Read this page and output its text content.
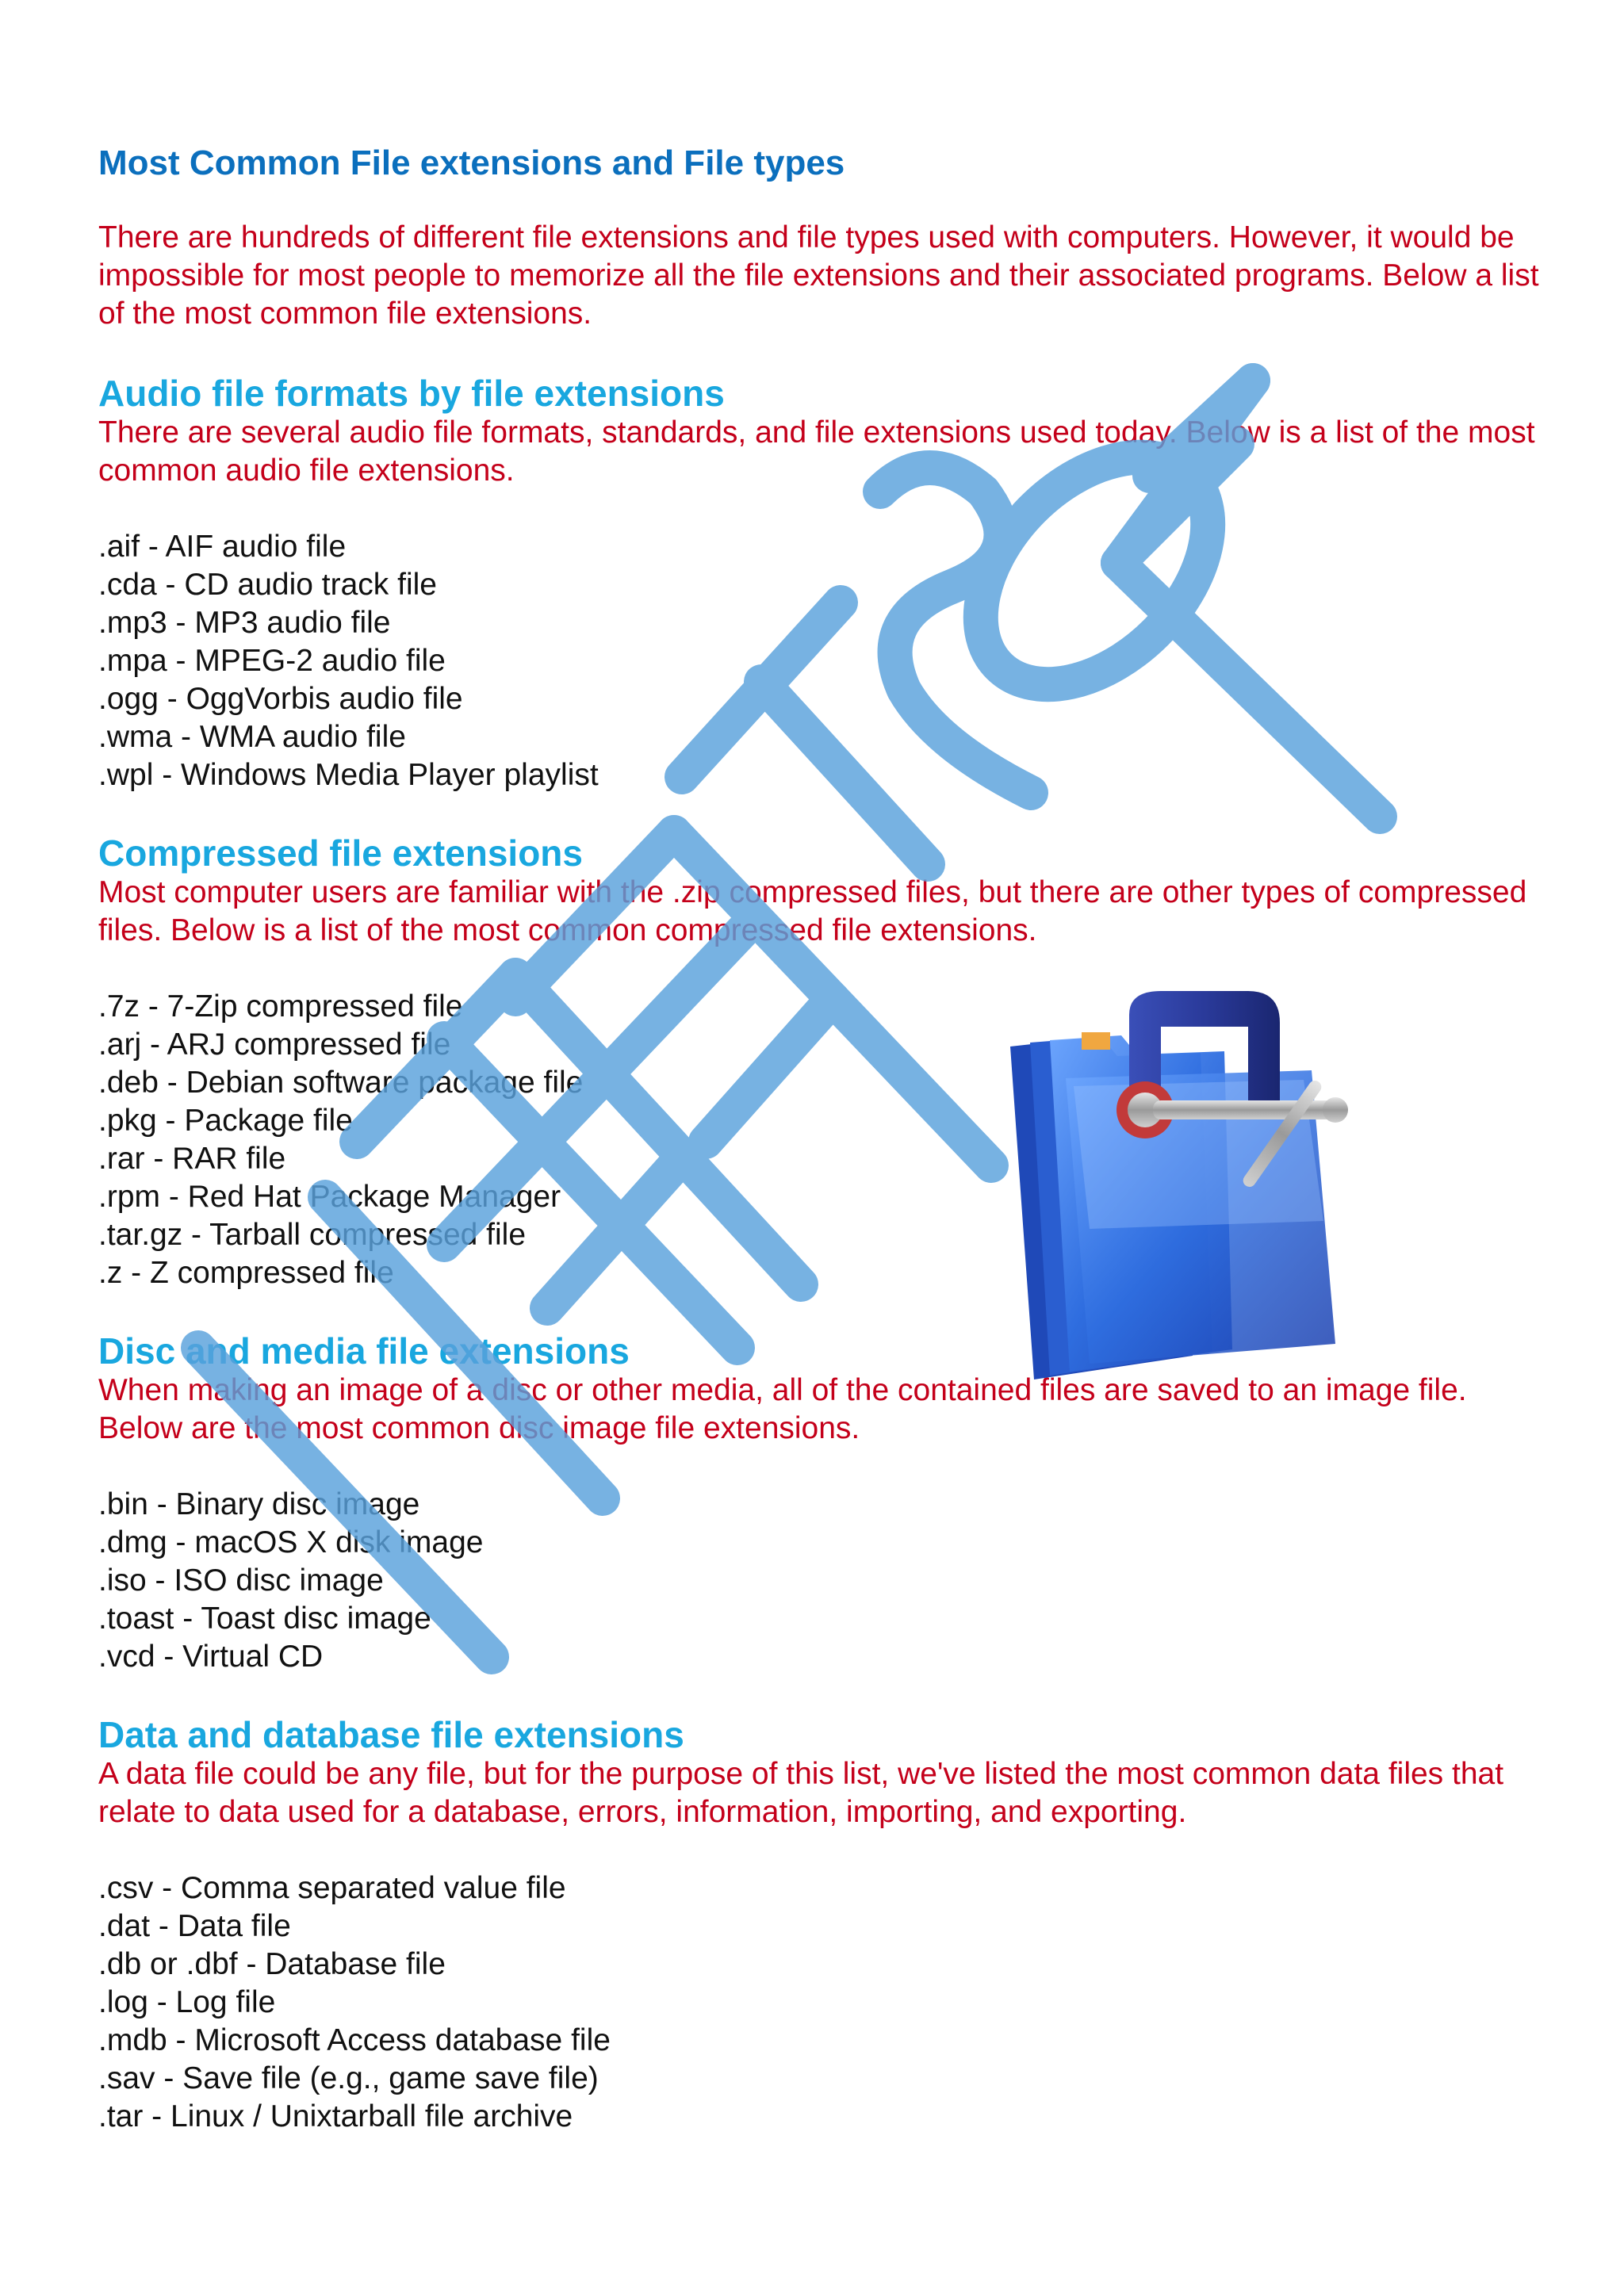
Most Common File extensions and File types

There are hundreds of different file extensions and file types used with computers. However, it would be impossible for most people to memorize all the file extensions and their associated programs. Below a list of the most common file extensions.

Audio file formats by file extensions

There are several audio file formats, standards, and file extensions used today. Below is a list of the most common audio file extensions.

.aif - AIF audio file
.cda - CD audio track file
.mp3 - MP3 audio file
.mpa - MPEG-2 audio file
.ogg - OggVorbis audio file
.wma - WMA audio file
.wpl - Windows Media Player playlist
Compressed file extensions

Most computer users are familiar with the .zip compressed files, but there are other types of compressed files. Below is a list of the most common compressed file extensions.

.7z - 7-Zip compressed file
.arj - ARJ compressed file
.deb - Debian software package file
.pkg - Package file
.rar - RAR file
.rpm - Red Hat Package Manager
.tar.gz - Tarball compressed file
.z - Z compressed file
Disc and media file extensions

When making an image of a disc or other media, all of the contained files are saved to an image file. Below are the most common disc image file extensions.

.bin - Binary disc image
.dmg - macOS X disk image
.iso - ISO disc image
.toast - Toast disc image
.vcd - Virtual CD
Data and database file extensions

A data file could be any file, but for the purpose of this list, we've listed the most common data files that relate to data used for a database, errors, information, importing, and exporting.

.csv - Comma separated value file
.dat - Data file
.db or .dbf - Database file
.log - Log file
.mdb - Microsoft Access database file
.sav - Save file (e.g., game save file)
.tar - Linux / Unixtarball file archive
